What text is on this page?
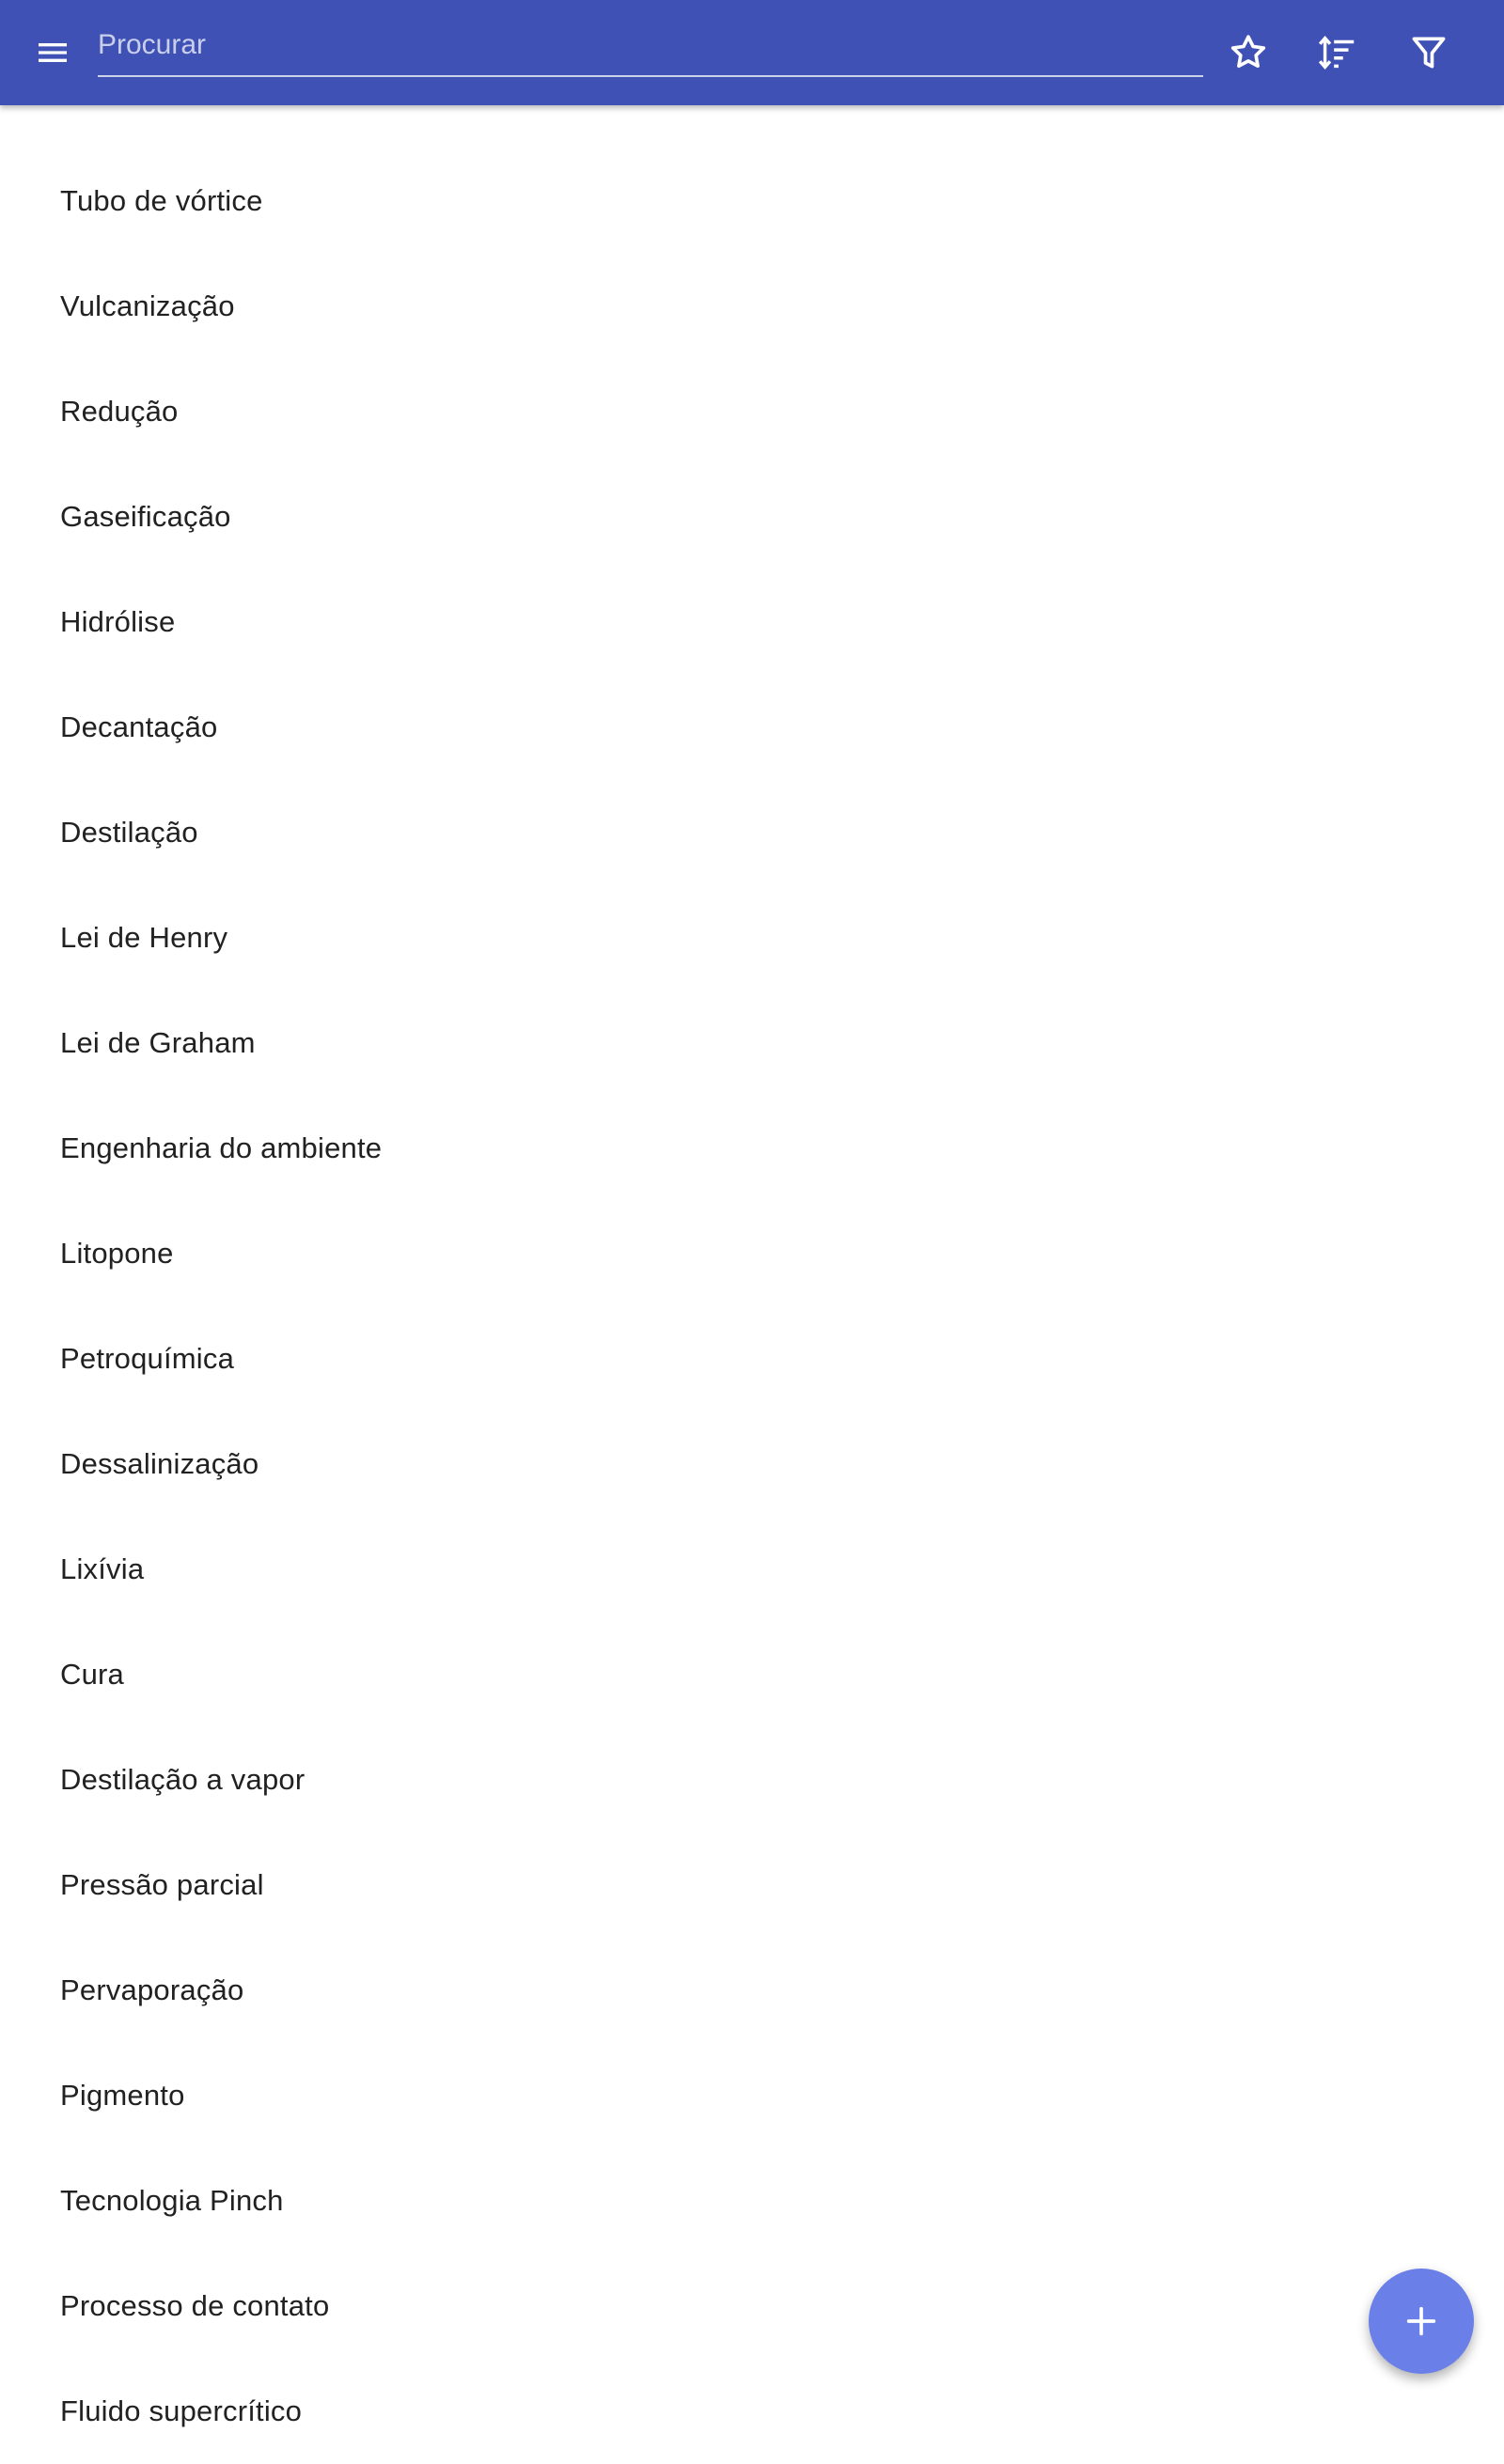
Procurar
Tubo de vórtice
Vulcanização
Redução
Gaseificação
Hidrólise
Decantação
Destilação
Lei de Henry
Lei de Graham
Engenharia do ambiente
Litopone
Petroquímica
Dessalinização
Lixívia
Cura
Destilação a vapor
Pressão parcial
Pervaporação
Pigmento
Tecnologia Pinch
Processo de contato
Fluido supercrítico
